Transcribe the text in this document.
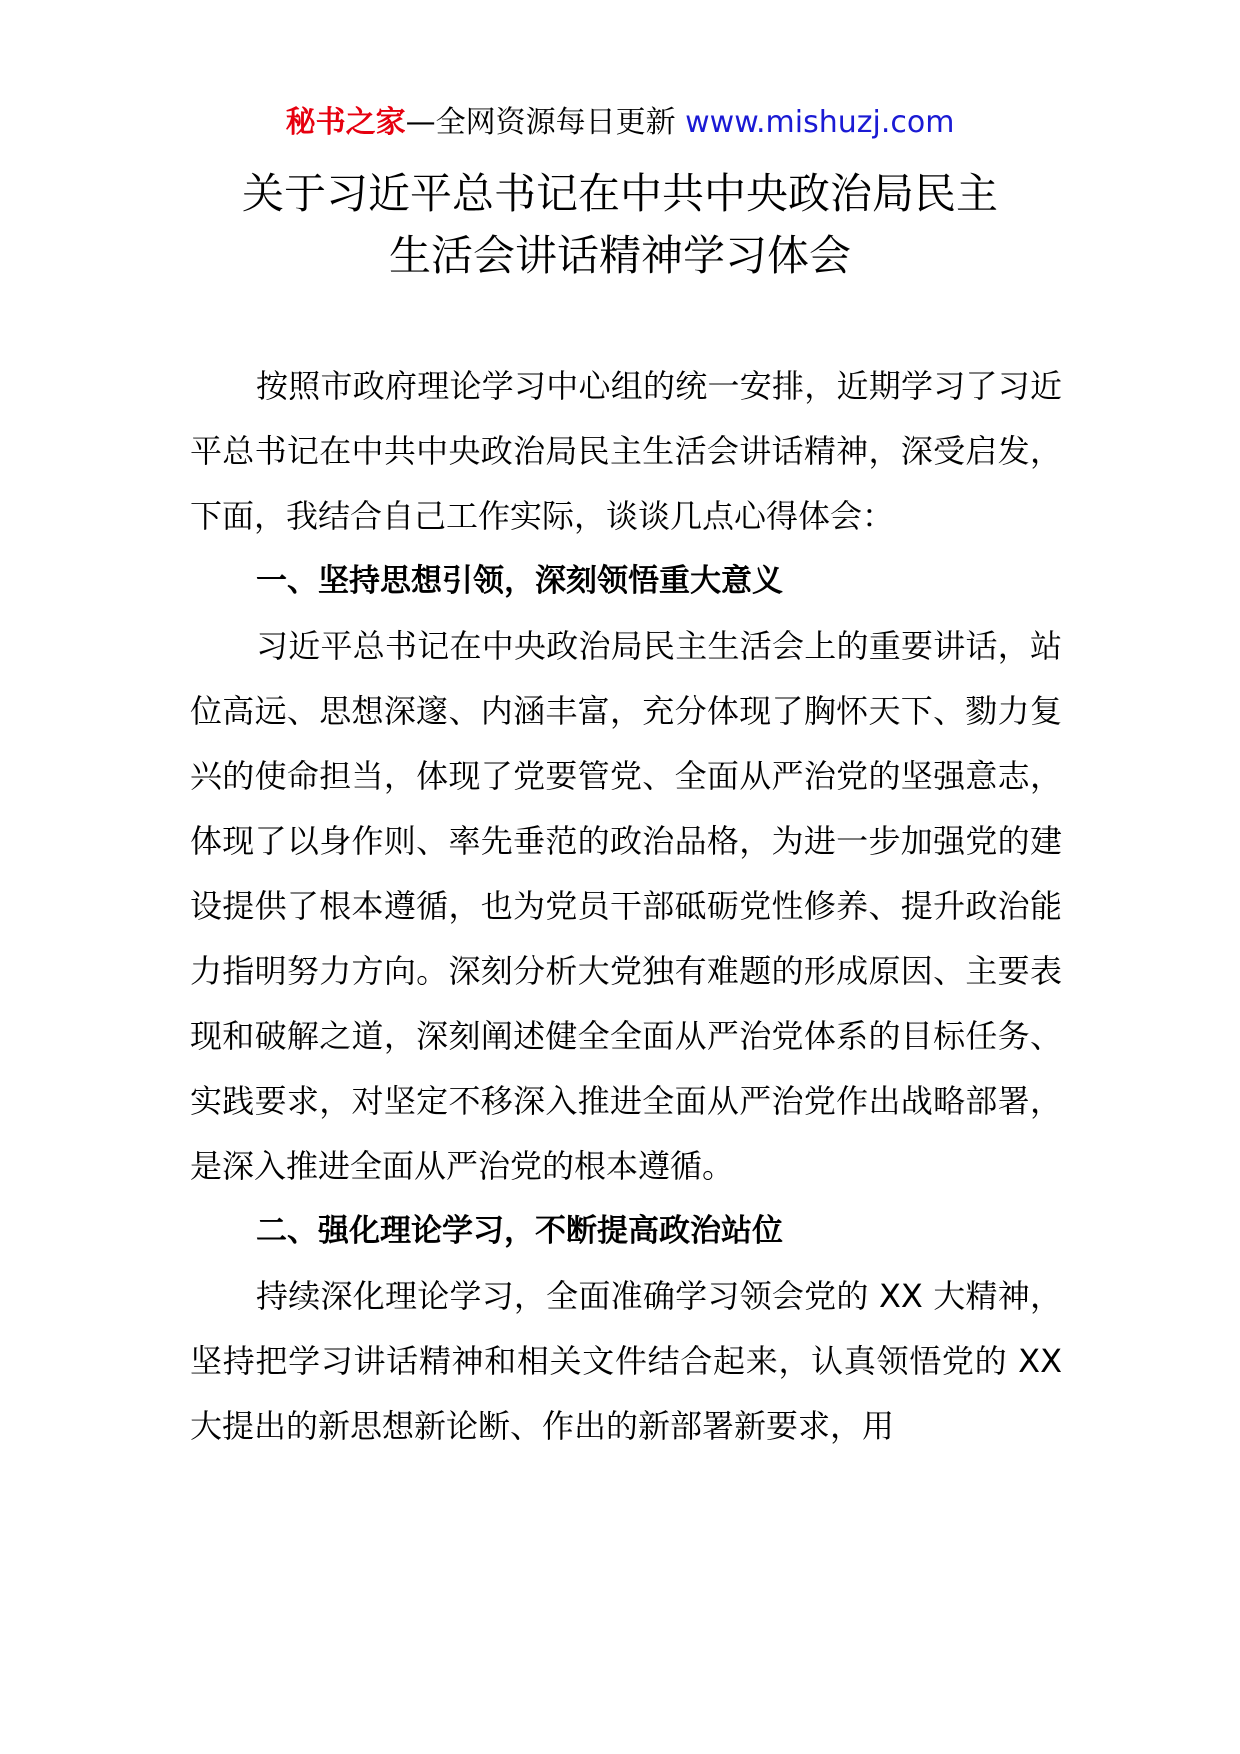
秘书之家—全网资源每日更新 www.mishuzj.com
关于习近平总书记在中共中央政治局民主
生活会讲话精神学习体会

按照市政府理论学习中心组的统一安排，近期学习了习近平总书记在中共中央政治局民主生活会讲话精神，深受启发，下面，我结合自己工作实际，谈谈几点心得体会：

一、坚持思想引领，深刻领悟重大意义

习近平总书记在中央政治局民主生活会上的重要讲话，站位高远、思想深邃、内涵丰富，充分体现了胸怀天下、勠力复兴的使命担当，体现了党要管党、全面从严治党的坚强意志，体现了以身作则、率先垂范的政治品格，为进一步加强党的建设提供了根本遵循，也为党员干部砥砺党性修养、提升政治能力指明努力方向。深刻分析大党独有难题的形成原因、主要表现和破解之道，深刻阐述健全全面从严治党体系的目标任务、实践要求，对坚定不移深入推进全面从严治党作出战略部署，是深入推进全面从严治党的根本遵循。

二、强化理论学习，不断提高政治站位

持续深化理论学习，全面准确学习领会党的 XX 大精神，坚持把学习讲话精神和相关文件结合起来，认真领悟党的 XX 大提出的新思想新论断、作出的新部署新要求，用
